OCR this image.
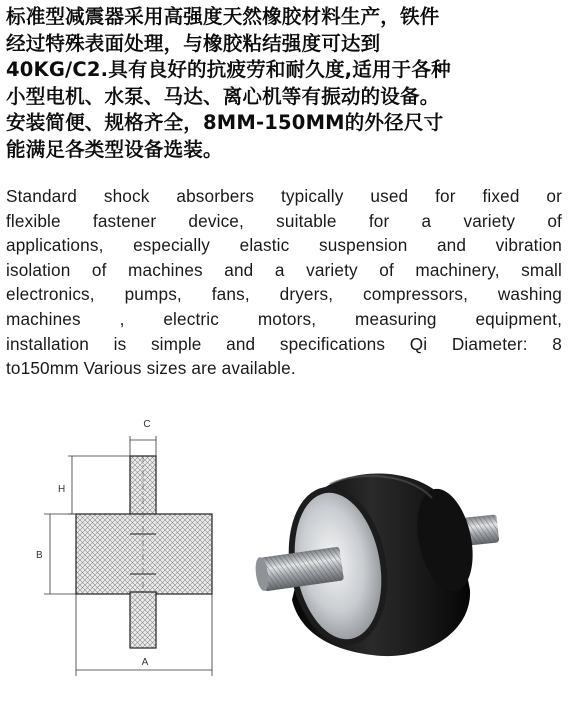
标准型减震器采用高强度天然橡胶材料生产，铁件
经过特殊表面处理，与橡胶粘结强度可达到
40KG/C2.具有良好的抗疲劳和耐久度,适用于各种
小型电机、水泵、马达、离心机等有振动的设备。
安装简便、规格齐全，8MM-150MM的外径尺寸
能满足各类型设备选装。
Standard shock absorbers typically used for fixed or
flexible fastener device, suitable for a variety of
applications, especially elastic suspension and vibration
isolation of machines and a variety of machinery, small
electronics, pumps, fans, dryers, compressors, washing
machines , electric motors, measuring equipment,
installation is simple and specifications Qi Diameter: 8
to150mm Various sizes are available.
C
H
B
A
